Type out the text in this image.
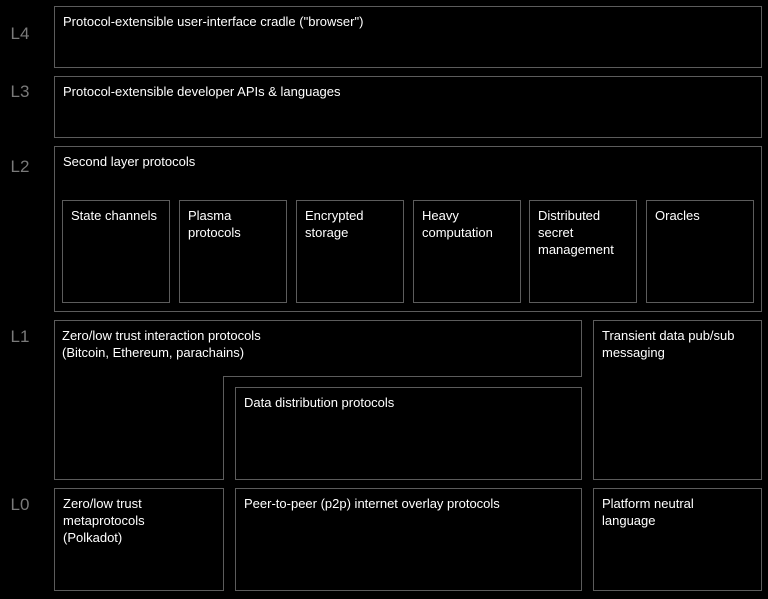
L4
L3
L2
L1
L0
Protocol-extensible user-interface cradle ("browser")
Protocol-extensible developer APIs & languages
Second layer protocols
State channels	Plasma
protocols
Encrypted
storage
Heavy
computation
Distributed
secret
management
Oracles
Zero/low trust interaction protocols
(Bitcoin, Ethereum, parachains)
Data distribution protocols
Transient data pub/sub
messaging
Zero/low trust
metaprotocols
(Polkadot)
Peer-to-peer (p2p) internet overlay protocols	Platform neutral
language
